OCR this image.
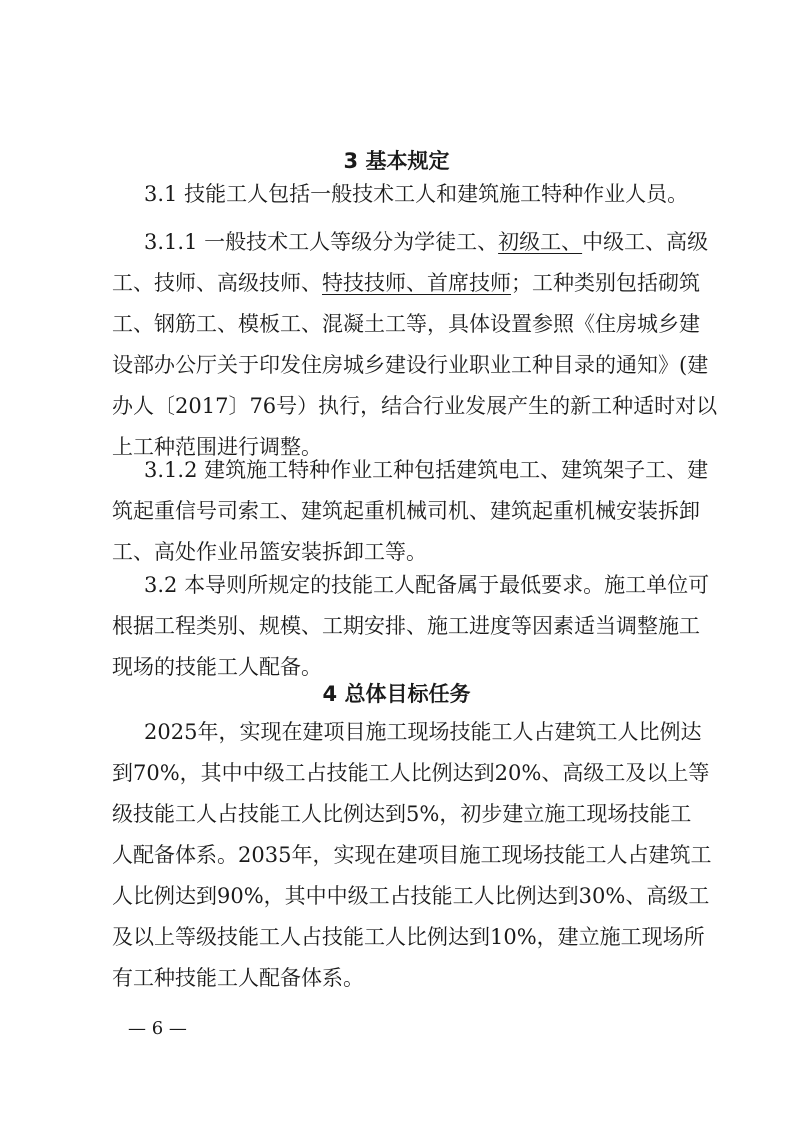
3 基本规定
3.1 技能工人包括一般技术工人和建筑施工特种作业人员。
3.1.1 一般技术工人等级分为学徒工、 初级工、 中级工、高级
工、技师、高级技师、 特技技师、首席技师 ；工种类别包括砌筑
工、钢筋工、模板工、混凝土工等，具体设置参照《住房城乡建
设部办公厅关于印发住房城乡建设行业职业工种目录的通知》(建
办人〔2017〕76号）执行，结合行业发展产生的新工种适时对以
上工种范围进行调整。
3.1.2 建筑施工特种作业工种包括建筑电工、建筑架子工、建
筑起重信号司索工、建筑起重机械司机、建筑起重机械安装拆卸
工、高处作业吊篮安装拆卸工等。
3.2 本导则所规定的技能工人配备属于最低要求。施工单位可
根据工程类别、规模、工期安排、施工进度等因素适当调整施工
现场的技能工人配备。
4 总体目标任务
2025年，实现在建项目施工现场技能工人占建筑工人比例达
到70%，其中中级工占技能工人比例达到20%、高级工及以上等
级技能工人占技能工人比例达到5%，初步建立施工现场技能工
人配备体系。2035年，实现在建项目施工现场技能工人占建筑工
人比例达到90%，其中中级工占技能工人比例达到30%、高级工
及以上等级技能工人占技能工人比例达到10%，建立施工现场所
有工种技能工人配备体系。
— 6 —
